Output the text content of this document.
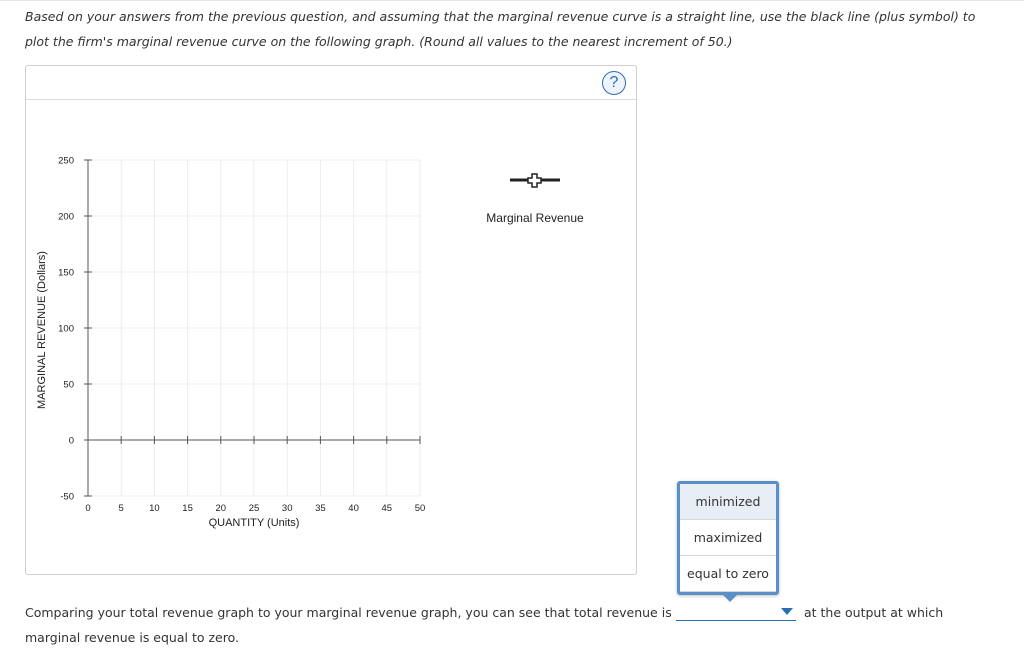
Based on your answers from the previous question, and assuming that the marginal revenue curve is a straight line, use the black line (plus symbol) to plot the firm's marginal revenue curve on the following graph. (Round all values to the nearest increment of 50.)
?
-50
0
50
100
150
200
250
0	5	10 15 20 25 30 35 40 45 50
MARGINAL REVENUE (Dollars)
QUANTITY (Units)
Marginal Revenue
minimized
maximized
equal to zero
Comparing your total revenue graph to your marginal revenue graph, you can see that total revenue is
marginal revenue is equal to zero.
at the output at which
